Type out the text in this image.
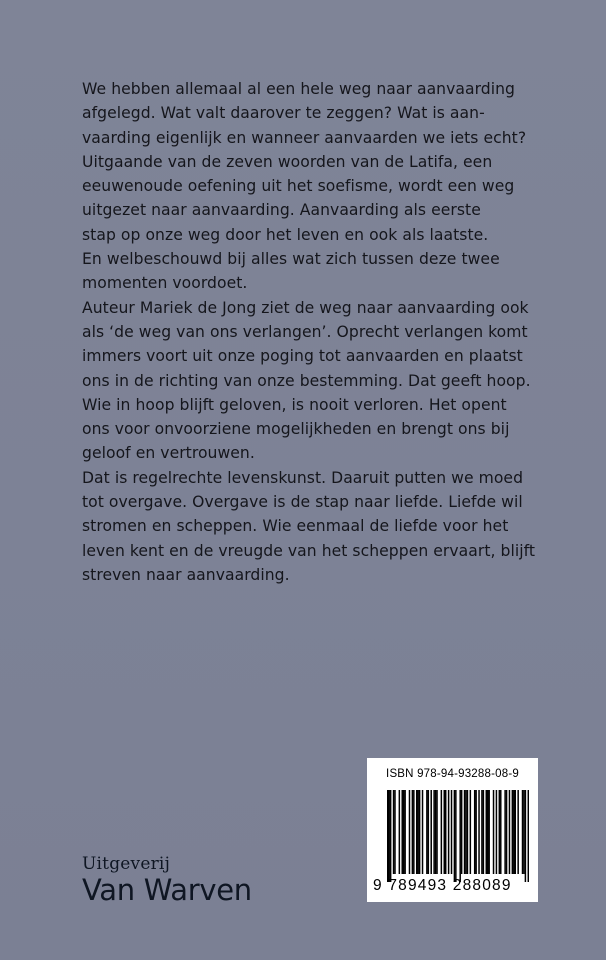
We hebben allemaal al een hele weg naar aanvaarding
afgelegd. Wat valt daarover te zeggen? Wat is aan-
vaarding eigenlijk en wanneer aanvaarden we iets echt?
Uitgaande van de zeven woorden van de Latifa, een
eeuwenoude oefening uit het soefisme, wordt een weg
uitgezet naar aanvaarding. Aanvaarding als eerste
stap op onze weg door het leven en ook als laatste.
En welbeschouwd bij alles wat zich tussen deze twee
momenten voordoet.
Auteur Mariek de Jong ziet de weg naar aanvaarding ook
als ‘de weg van ons verlangen’. Oprecht verlangen komt
immers voort uit onze poging tot aanvaarden en plaatst
ons in de richting van onze bestemming. Dat geeft hoop.
Wie in hoop blijft geloven, is nooit verloren. Het opent
ons voor onvoorziene mogelijkheden en brengt ons bij
geloof en vertrouwen.
Dat is regelrechte levenskunst. Daaruit putten we moed
tot overgave. Overgave is de stap naar liefde. Liefde wil
stromen en scheppen. Wie eenmaal de liefde voor het
leven kent en de vreugde van het scheppen ervaart, blijft
streven naar aanvaarding.
Uitgeverij
Van Warven
ISBN 978-94-93288-08-9
9 789493 288089
